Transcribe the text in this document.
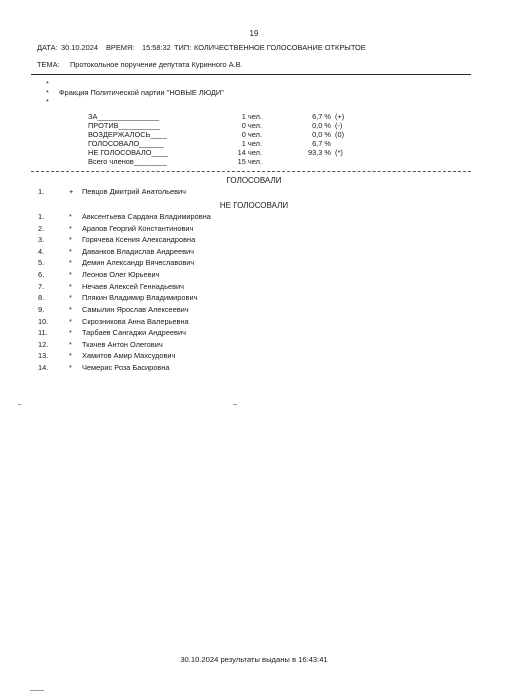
19
ДАТА: 30.10.2024 ВРЕМЯ: 15:58:32 ТИП: КОЛИЧЕСТВЕННОЕ ГОЛОСОВАНИЕ ОТКРЫТОЕ
ТЕМА: Протокольное поручение депутата Куринного А.В.
*
* Фракция Политической партии "НОВЫЕ ЛЮДИ"
*
ЗА_______________	1 чел.	6,7 % (+)
ПРОТИВ__________	0 чел.	0,0 % (-)
ВОЗДЕРЖАЛОСЬ____	0 чел.	0,0 % (0)
ГОЛОСОВАЛО______	1 чел.	6,7 %
НЕ ГОЛОСОВАЛО____	14 чел.	93,3 % (*)
Всего членов________	15 чел.
ГОЛОСОВАЛИ
1.	+ Певцов Дмитрий Анатольевич
НЕ ГОЛОСОВАЛИ
1.	* Авксентьева Сардана Владимировна
2.	* Арапов Георгий Константинович
3.	* Горячева Ксения Александровна
4.	* Даванков Владислав Андреевич
5.	* Демин Александр Вячеславович
6.	* Леонов Олег Юрьевич
7.	* Нечаев Алексей Геннадьевич
8.	* Плякин Владимир Владимирович
9.	* Самылин Ярослав Алексеевич
10.	* Скрозникова Анна Валерьевна
11.	* Тарбаев Сангаджи Андреевич
12.	* Ткачев Антон Олегович
13.	* Хамитов Амир Махсудович
14.	* Чемерис Роза Басировна
30.10.2024 результаты выданы в 16:43:41
